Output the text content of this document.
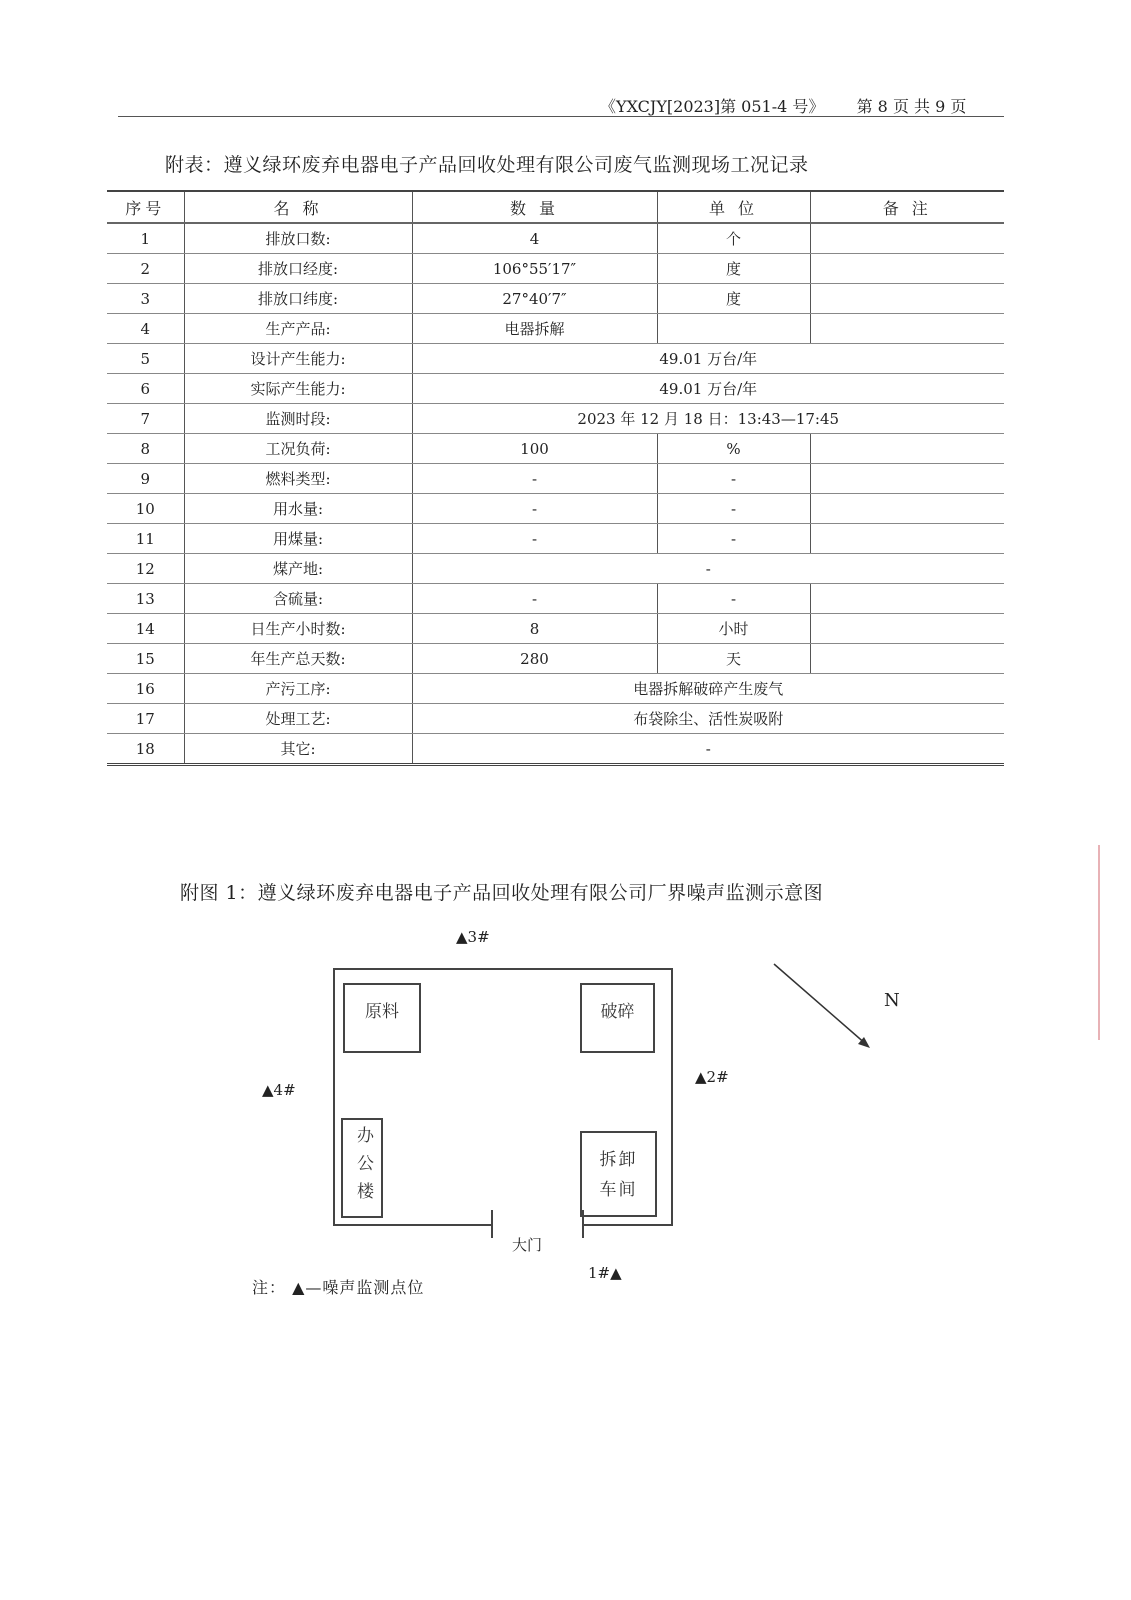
《YXCJY[2023]第 051-4 号》 第 8 页 共 9 页
附表：遵义绿环废弃电器电子产品回收处理有限公司废气监测现场工况记录
序号	名 称	数 量	单 位	备 注
1	排放口数:	4	个	
2	排放口经度:	106°55′17″	度	
3	排放口纬度:	27°40′7″	度	
4	生产产品:	电器拆解		
5	设计产生能力:	49.01 万台/年		
6	实际产生能力:	49.01 万台/年		
7	监测时段:	2023 年 12 月 18 日：13:43—17:45		
8	工况负荷:	100	%	
9	燃料类型:	-	-	
10	用水量:	-	-	
11	用煤量:	-	-	
12	煤产地:	-		
13	含硫量:	-	-	
14	日生产小时数:	8	小时	
15	年生产总天数:	280	天	
16	产污工序:	电器拆解破碎产生废气		
17	处理工艺:	布袋除尘、活性炭吸附		
18	其它:	-		
附图 1：遵义绿环废弃电器电子产品回收处理有限公司厂界噪声监测示意图
原料	破碎
办公楼	拆卸车间
大门
▲3#
▲2#
▲4#
1#▲
N
注： ▲—噪声监测点位
